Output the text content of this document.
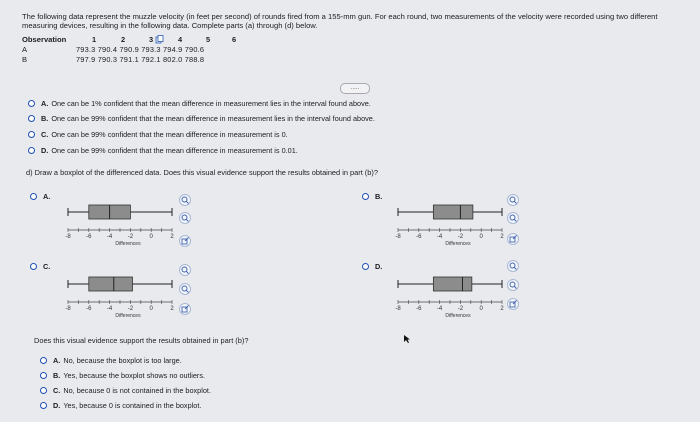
The following data represent the muzzle velocity (in feet per second) of rounds fired from a 155-mm gun. For each round, two measurements of the velocity were recorded using two different measuring devices, resulting in the following data. Complete parts (a) through (d) below.
Observation	1	2	3	4	5	6
A	793.3 790.4 790.9 793.3 794.9 790.6
B	797.9 790.3 791.1 792.1 802.0 788.8
.....
A. One can be 1% confident that the mean difference in measurement lies in the interval found above.
B. One can be 99% confident that the mean difference in measurement lies in the interval found above.
C. One can be 99% confident that the mean difference in measurement is 0.
D. One can be 99% confident that the mean difference in measurement is 0.01.
d) Draw a boxplot of the differenced data. Does this visual evidence support the results obtained in part (b)?
A.	B.
C.	D.
-8	-6	-4	-2	0	2
Differences
-8	-6	-4	-2	0	2
Differences
-8	-6	-4	-2	0	2
Differences
-8	-6	-4	-2	0	2
Differences
Does this visual evidence support the results obtained in part (b)?
A. No, because the boxplot is too large.
B. Yes, because the boxplot shows no outliers.
C. No, because 0 is not contained in the boxplot.
D. Yes, because 0 is contained in the boxplot.
